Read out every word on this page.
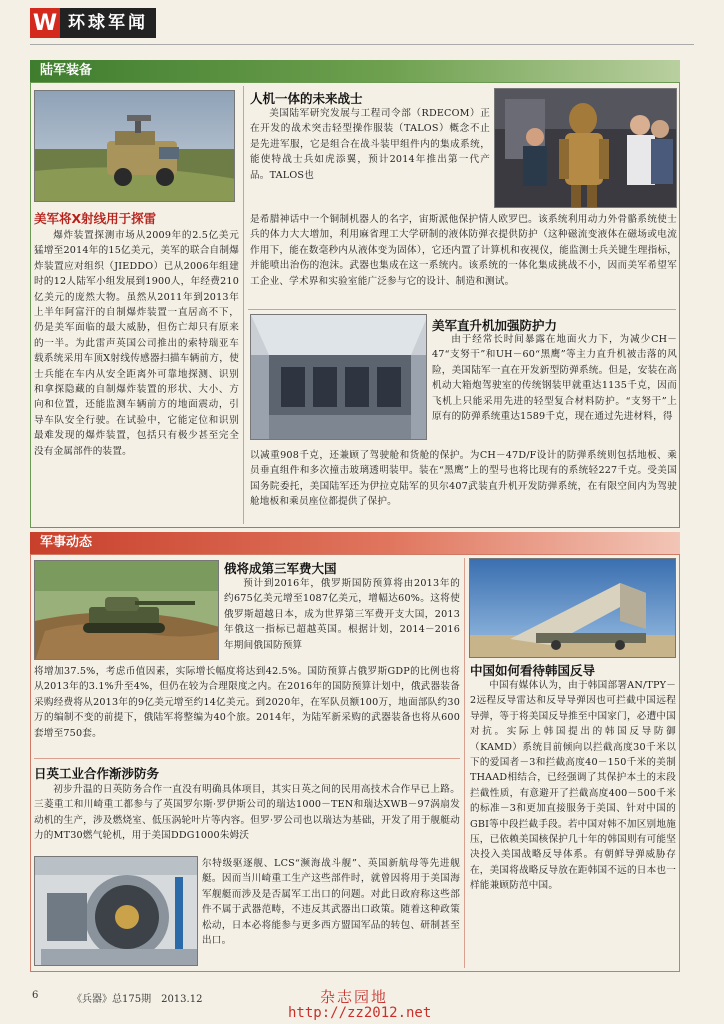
W 环球军闻
陆军装备
美军将X射线用于探雷
爆炸装置探测市场从2009年的2.5亿美元猛增至2014年的15亿美元，美军的联合自制爆炸装置应对组织（JIEDDO）已从2006年组建时的12人陆军小组发展到1900人，年经费210亿美元的庞然大物。虽然从2011年到2013年上半年阿富汗的自制爆炸装置一直居高不下，仍是美军面临的最大威胁，但伤亡却只有原来的一半。为此雷声英国公司推出的索特瑞亚车载系统采用车顶X射线传感器扫描车辆前方，使士兵能在车内从安全距离外可靠地探测、识别和拿探隐藏的自制爆炸装置的形状、大小、方向和位置，还能监测车辆前方的地面震动，引导车队安全行驶。在试验中，它能定位和识别最难发现的爆炸装置，包括只有极少甚至完全没有金属部件的装置。
人机一体的未来战士
美国陆军研究发展与工程司令部（RDECOM）正在开发的战术突击轻型操作服装（TALOS）概念不止是先进军服，它是组合在战斗装甲组件内的集成系统，能使特战士兵如虎添翼，预计2014年推出第一代产品。TALOS也
是希腊神话中一个铜制机器人的名字，宙斯派他保护情人欧罗巴。该系统利用动力外骨骼系统使士兵的体力大大增加，利用麻省理工大学研制的液体防弹衣提供防护（这种磁流变液体在磁场或电流作用下，能在数毫秒内从液体变为固体），它还内置了计算机和夜视仪，能监测士兵关键生理指标，并能喷出治伤的泡沫。武器也集成在这一系统内。该系统的一体化集成挑战不小，因而美军希望军工企业、学术界和实验室能广泛参与它的设计、制造和测试。
美军直升机加强防护力
由于经常长时间暴露在地面火力下，为减少CH－47“支努干”和UH－60“黑鹰”等主力直升机被击落的风险，美国陆军一直在开发新型防弹系统。但是，安装在高机动大箱炮驾驶室的传统钢装甲就重达1135千克，因而飞机上只能采用先进的轻型复合材料防护。“支努干”上原有的防弹系统重达1589千克，现在通过先进材料，得
以减重908千克，还兼顾了驾驶舱和货舱的保护。为CH－47D/F设计的防弹系统则包括地板、乘员垂直组件和多次撞击玻璃透明装甲。装在“黑鹰”上的型号也将比现有的系统轻227千克。受美国国务院委托，美国陆军还为伊拉克陆军的贝尔407武装直升机开发防弹系统，在有限空间内为驾驶舱地板和乘员座位都提供了保护。
军事动态
俄将成第三军费大国
预计到2016年，俄罗斯国防预算将由2013年的约675亿美元增至1087亿美元，增幅达60%。这将使俄罗斯超越日本，成为世界第三军费开支大国，2013年俄这一指标已超越英国。根据计划，2014－2016年期间俄国防预算
将增加37.5%，考虑币值因素，实际增长幅度将达到42.5%。国防预算占俄罗斯GDP的比例也将从2013年的3.1%升至4%，但仍在较为合理限度之内。在2016年的国防预算计划中，俄武器装备采购经费将从2013年的9亿美元增至约14亿美元。到2020年，在军队员额100万，地面部队约30万的编制不变的前提下，俄陆军将整编为40个旅。2014年，为陆军新采购的武器装备也将从600套增至750套。
日英工业合作渐涉防务
初步升温的日英防务合作一直没有明确具体项目，其实日英之间的民用高技术合作早已上路。三菱重工和川崎重工都参与了英国罗尔斯·罗伊斯公司的瑞达1000－TEN和瑞达XWB－97涡扇发动机的生产，涉及燃烧室、低压涡轮叶片等内容。但罗·罗公司也以瑞达为基础，开发了用于舰艇动力的MT30燃气轮机，用于美国DDG1000朱姆沃
尔特级驱逐舰、LCS“濒海战斗舰”、英国新航母等先进舰艇。因而当川崎重工生产这些部件时，就曾因将用于美国海军舰艇而涉及是否属军工出口的问题。对此日政府称这些部件不属于武器范畴，不违反其武器出口政策。随着这种政策松动，日本必将能参与更多西方盟国军品的转包、研制甚至出口。
中国如何看待韩国反导
中国有媒体认为，由于韩国部署AN/TPY－2远程反导雷达和反导导弹因也可拦截中国远程导弹，等于将美国反导推至中国家门，必遭中国对抗。实际上韩国提出的韩国反导防御（KAMD）系统目前倾向以拦截高度30千米以下的爱国者－3和拦截高度40－150千米的美制THAAD相结合，已经强调了其保护本土的末段拦截性质，有意避开了拦截高度400－500千米的标准－3和更加直接服务于美国、针对中国的GBI等中段拦截手段。若中国对韩不加区别地施压，已依赖美国核保护几十年的韩国则有可能坚决投入美国战略反导体系。有朝鲜导弹威胁存在，美国将战略反导放在距韩国不远的日本也一样能兼顾防范中国。
6	《兵器》总175期　2013.12	杂志园地
http://zz2012.net
